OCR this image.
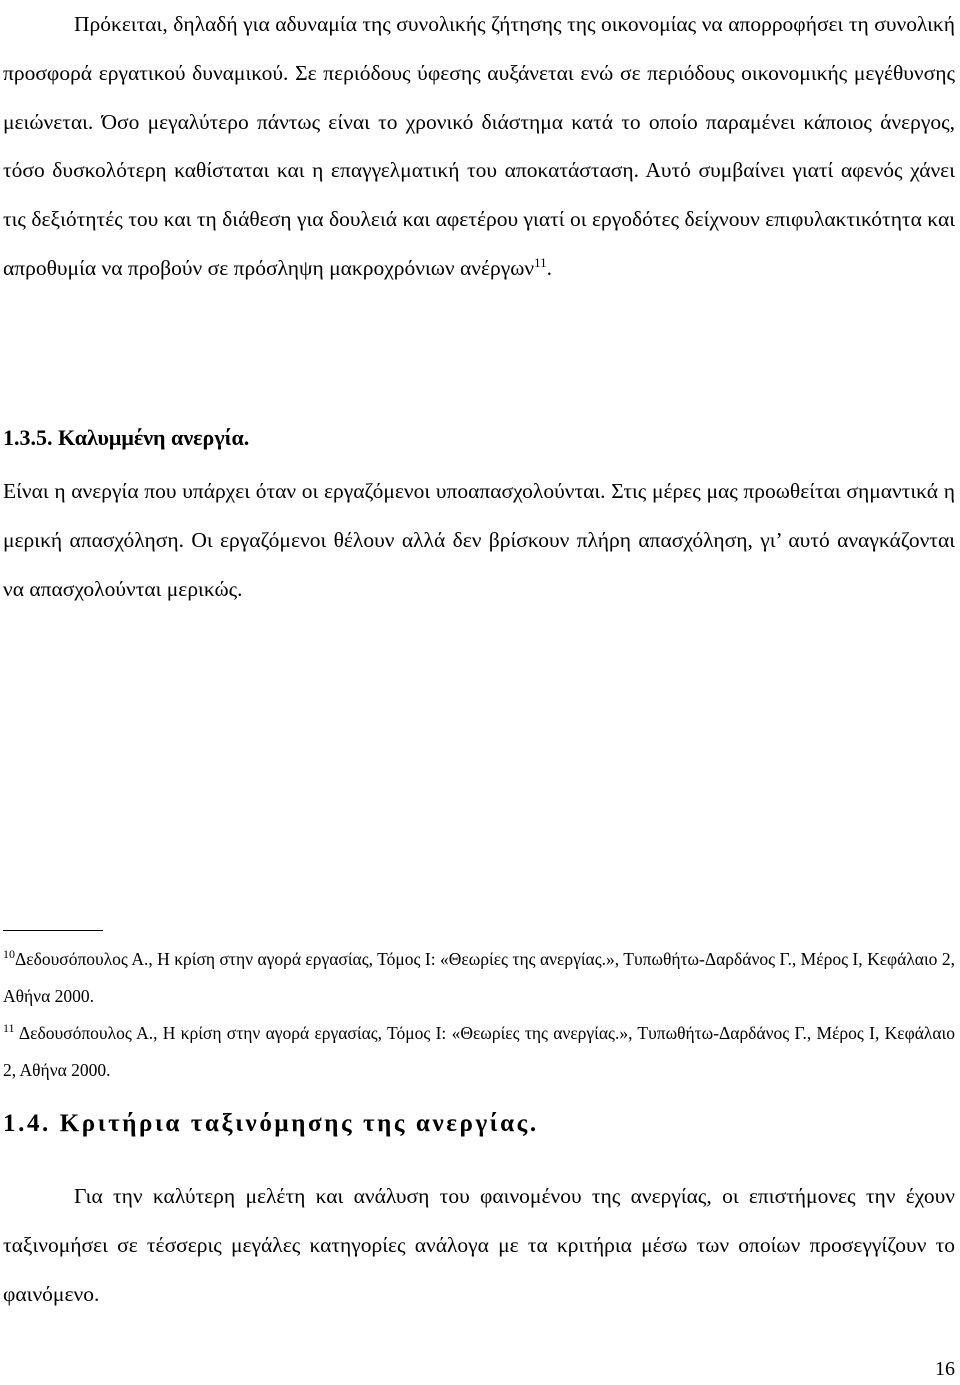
Πρόκειται, δηλαδή για αδυναμία της συνολικής ζήτησης της οικονομίας να απορροφήσει τη συνολική προσφορά εργατικού δυναμικού. Σε περιόδους ύφεσης αυξάνεται ενώ σε περιόδους οικονομικής μεγέθυνσης μειώνεται. Όσο μεγαλύτερο πάντως είναι το χρονικό διάστημα κατά το οποίο παραμένει κάποιος άνεργος, τόσο δυσκολότερη καθίσταται και η επαγγελματική του αποκατάσταση. Αυτό συμβαίνει γιατί αφενός χάνει τις δεξιότητές του και τη διάθεση για δουλειά και αφετέρου γιατί οι εργοδότες δείχνουν επιφυλακτικότητα και απροθυμία να προβούν σε πρόσληψη μακροχρόνιων ανέργων$^{11}$.

1.3.5. Καλυμμένη ανεργία.

Είναι η ανεργία που υπάρχει όταν οι εργαζόμενοι υποαπασχολούνται. Στις μέρες μας προωθείται σημαντικά η μερική απασχόληση. Οι εργαζόμενοι θέλουν αλλά δεν βρίσκουν πλήρη απασχόληση, γι’ αυτό αναγκάζονται να απασχολούνται μερικώς.

$^{10}$Δεδουσόπουλος Α., Η κρίση στην αγορά εργασίας, Τόμος Ι: «Θεωρίες της ανεργίας.», Τυπωθήτω-Δαρδάνος Γ., Μέρος Ι, Κεφάλαιο 2, Αθήνα 2000.

$^{11}$ Δεδουσόπουλος Α., Η κρίση στην αγορά εργασίας, Τόμος Ι: «Θεωρίες της ανεργίας.», Τυπωθήτω-Δαρδάνος Γ., Μέρος Ι, Κεφάλαιο 2, Αθήνα 2000.

1.4. Κριτήρια ταξινόμησης της ανεργίας.

Για την καλύτερη μελέτη και ανάλυση του φαινομένου της ανεργίας, οι επιστήμονες την έχουν ταξινομήσει σε τέσσερις μεγάλες κατηγορίες ανάλογα με τα κριτήρια μέσω των οποίων προσεγγίζουν το φαινόμενο.

16
